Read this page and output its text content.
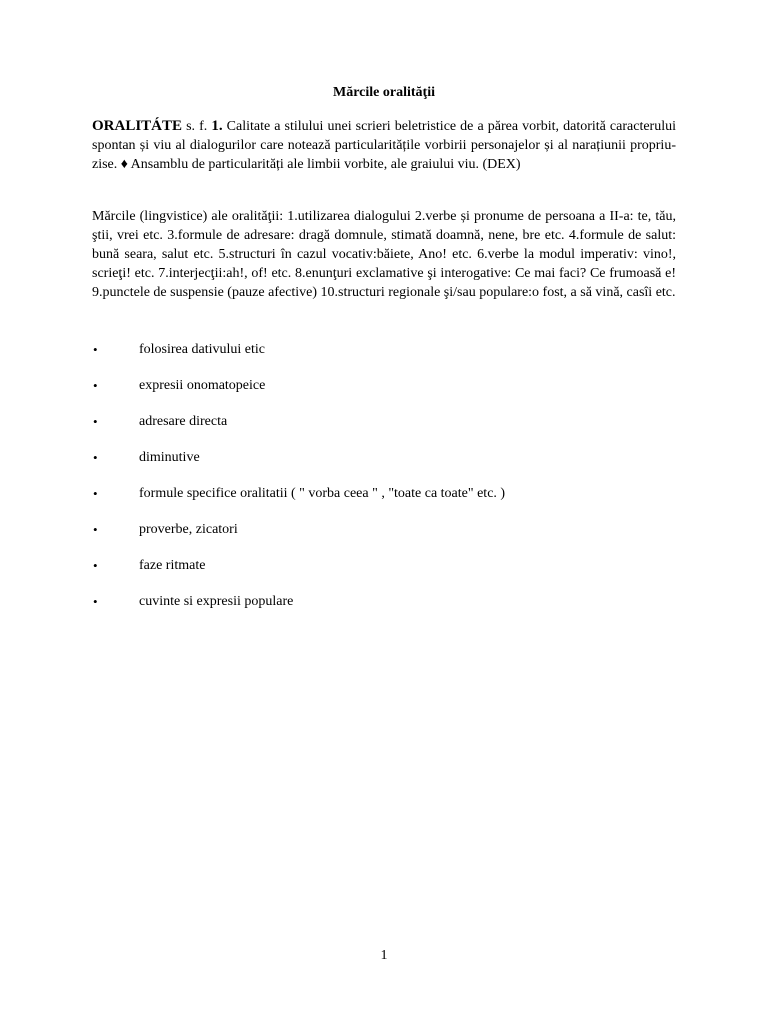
Mărcile oralităţii

ORALITÁTE s. f. 1. Calitate a stilului unei scrieri beletristice de a părea vorbit, datorită caracterului spontan și viu al dialogurilor care notează particularitățile vorbirii personajelor și al narațiunii propriu-zise. ♦ Ansamblu de particularități ale limbii vorbite, ale graiului viu. (DEX)

Mărcile (lingvistice) ale oralităţii: 1.utilizarea dialogului 2.verbe și pronume de persoana a II-a: te, tău, ştii, vrei etc. 3.formule de adresare: dragă domnule, stimată doamnă, nene, bre etc. 4.formule de salut: bună seara, salut etc. 5.structuri în cazul vocativ:băiete, Ano! etc. 6.verbe la modul imperativ: vino!, scrieţi! etc. 7.interjecţii:ah!, of! etc. 8.enunţuri exclamative şi interogative: Ce mai faci? Ce frumoasă e! 9.punctele de suspensie (pauze afective) 10.structuri regionale şi/sau populare:o fost, a să vină, casîi etc.

•	folosirea dativului etic
•	expresii onomatopeice
•	adresare directa
•	diminutive
•	formule specifice oralitatii ( " vorba ceea " , "toate ca toate" etc. )
•	proverbe, zicatori
•	faze ritmate
•	cuvinte si expresii populare
1
